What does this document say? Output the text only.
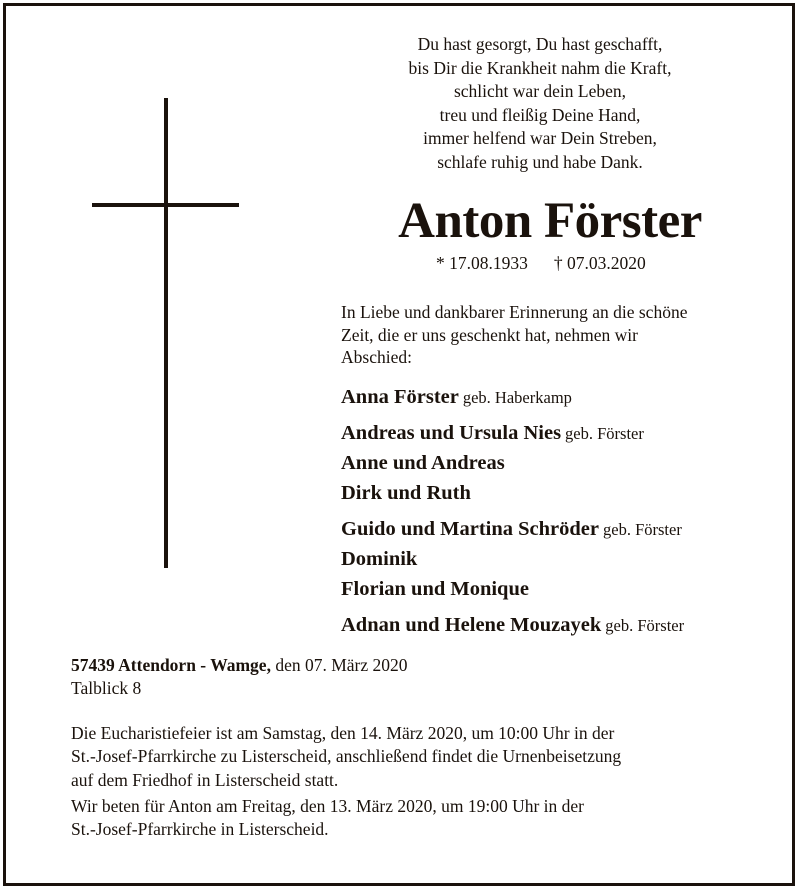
Du hast gesorgt, Du hast geschafft,
bis Dir die Krankheit nahm die Kraft,
schlicht war dein Leben,
treu und fleißig Deine Hand,
immer helfend war Dein Streben,
schlafe ruhig und habe Dank.
Anton Förster
* 17.08.1933 † 07.03.2020
In Liebe und dankbarer Erinnerung an die schöne
Zeit, die er uns geschenkt hat, nehmen wir
Abschied:
Anna Förster geb. Haberkamp
Andreas und Ursula Nies geb. Förster
Anne und Andreas
Dirk und Ruth
Guido und Martina Schröder geb. Förster
Dominik
Florian und Monique
Adnan und Helene Mouzayek geb. Förster
57439 Attendorn - Wamge, den 07. März 2020
Talblick 8

Die Eucharistiefeier ist am Samstag, den 14. März 2020, um 10:00 Uhr in der
St.-Josef-Pfarrkirche zu Listerscheid, anschließend findet die Urnenbeisetzung
auf dem Friedhof in Listerscheid statt.

Wir beten für Anton am Freitag, den 13. März 2020, um 19:00 Uhr in der
St.-Josef-Pfarrkirche in Listerscheid.
